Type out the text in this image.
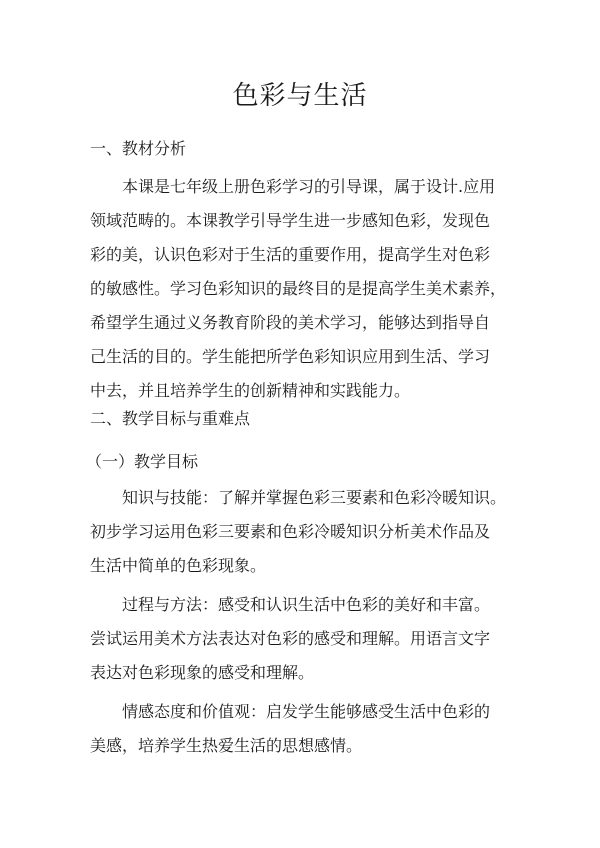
色彩与生活
一、教材分析
本课是七年级上册色彩学习的引导课，属于设计.应用
领域范畴的。本课教学引导学生进一步感知色彩，发现色
彩的美，认识色彩对于生活的重要作用，提高学生对色彩
的敏感性。学习色彩知识的最终目的是提高学生美术素养，
希望学生通过义务教育阶段的美术学习，能够达到指导自
己生活的目的。学生能把所学色彩知识应用到生活、学习
中去，并且培养学生的创新精神和实践能力。
二、教学目标与重难点
（一）教学目标
知识与技能：了解并掌握色彩三要素和色彩冷暖知识。
初步学习运用色彩三要素和色彩冷暖知识分析美术作品及
生活中简单的色彩现象。
过程与方法：感受和认识生活中色彩的美好和丰富。
尝试运用美术方法表达对色彩的感受和理解。用语言文字
表达对色彩现象的感受和理解。
情感态度和价值观：启发学生能够感受生活中色彩的
美感，培养学生热爱生活的思想感情。
